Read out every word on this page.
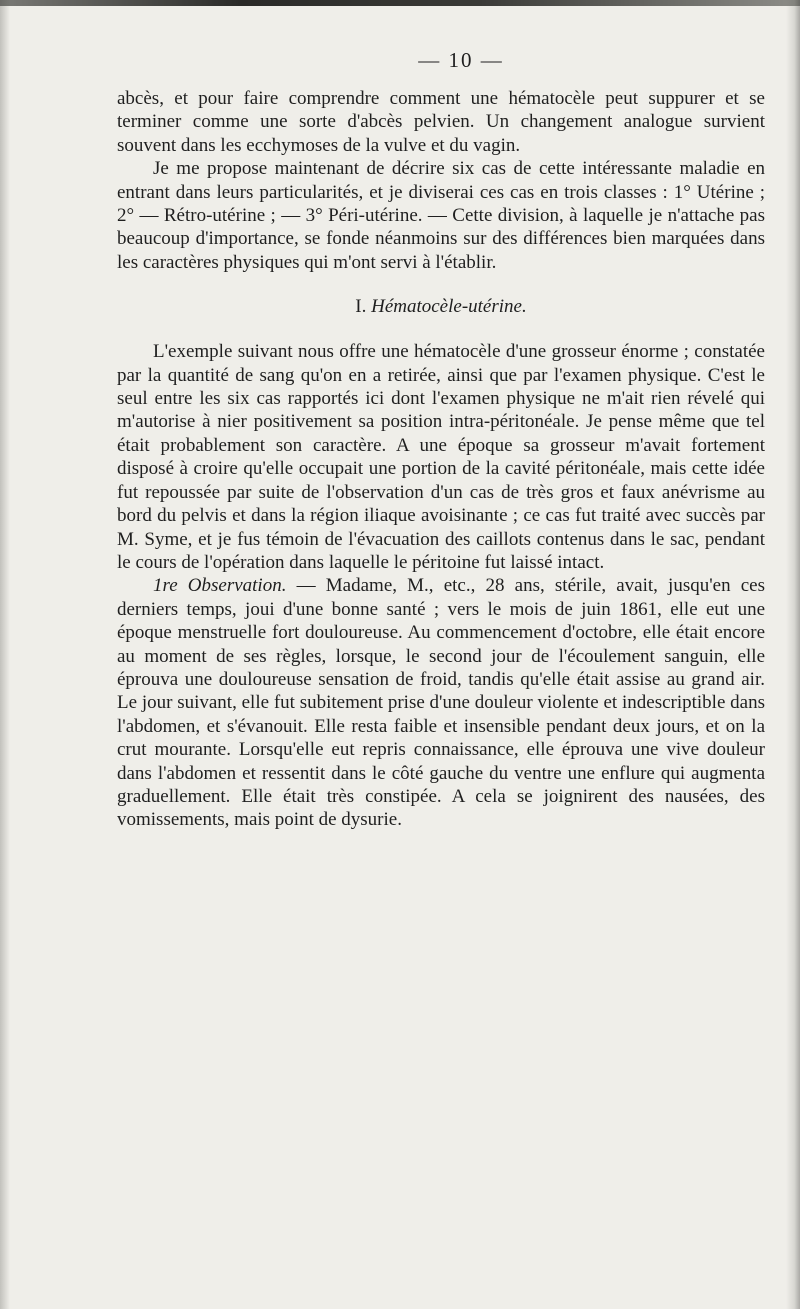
— 10 —

abcès, et pour faire comprendre comment une hématocèle peut suppurer et se terminer comme une sorte d'abcès pelvien. Un changement analogue survient souvent dans les ecchymoses de la vulve et du vagin.

Je me propose maintenant de décrire six cas de cette intéressante maladie en entrant dans leurs particularités, et je diviserai ces cas en trois classes : 1° Utérine ; 2° — Rétro-utérine ; — 3° Péri-utérine. — Cette division, à laquelle je n'attache pas beaucoup d'importance, se fonde néanmoins sur des différences bien marquées dans les caractères physiques qui m'ont servi à l'établir.

I. Hématocèle-utérine.

L'exemple suivant nous offre une hématocèle d'une grosseur énorme ; constatée par la quantité de sang qu'on en a retirée, ainsi que par l'examen physique. C'est le seul entre les six cas rapportés ici dont l'examen physique ne m'ait rien révelé qui m'autorise à nier positivement sa position intra-péritonéale. Je pense même que tel était probablement son caractère. A une époque sa grosseur m'avait fortement disposé à croire qu'elle occupait une portion de la cavité péritonéale, mais cette idée fut repoussée par suite de l'observation d'un cas de très gros et faux anévrisme au bord du pelvis et dans la région iliaque avoisinante ; ce cas fut traité avec succès par M. Syme, et je fus témoin de l'évacuation des caillots contenus dans le sac, pendant le cours de l'opération dans laquelle le péritoine fut laissé intact.

1re Observation. — Madame, M., etc., 28 ans, stérile, avait, jusqu'en ces derniers temps, joui d'une bonne santé ; vers le mois de juin 1861, elle eut une époque menstruelle fort douloureuse. Au commencement d'octobre, elle était encore au moment de ses règles, lorsque, le second jour de l'écoulement sanguin, elle éprouva une douloureuse sensation de froid, tandis qu'elle était assise au grand air. Le jour suivant, elle fut subitement prise d'une douleur violente et indescriptible dans l'abdomen, et s'évanouit. Elle resta faible et insensible pendant deux jours, et on la crut mourante. Lorsqu'elle eut repris connaissance, elle éprouva une vive douleur dans l'abdomen et ressentit dans le côté gauche du ventre une enflure qui augmenta graduellement. Elle était très constipée. A cela se joignirent des nausées, des vomissements, mais point de dysurie.
